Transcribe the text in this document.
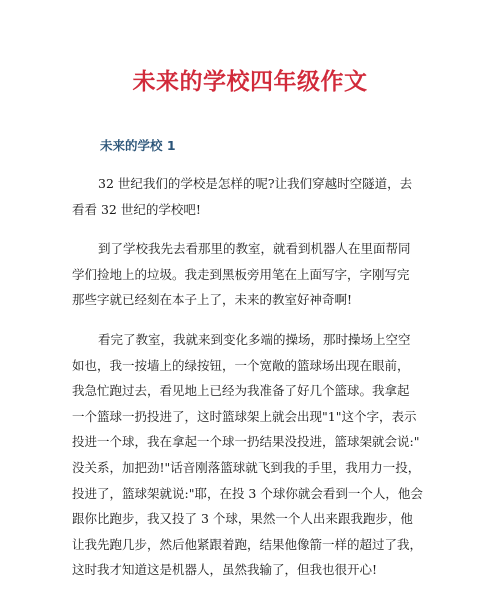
未来的学校四年级作文
未来的学校 1

32 世纪我们的学校是怎样的呢?让我们穿越时空隧道，去
看看 32 世纪的学校吧!

到了学校我先去看那里的教室，就看到机器人在里面帮同
学们捡地上的垃圾。我走到黑板旁用笔在上面写字，字刚写完
那些字就已经刻在本子上了，未来的教室好神奇啊!

看完了教室，我就来到变化多端的操场，那时操场上空空
如也，我一按墙上的绿按钮，一个宽敞的篮球场出现在眼前，
我急忙跑过去，看见地上已经为我准备了好几个篮球。我拿起
一个篮球一扔投进了，这时篮球架上就会出现"1"这个字，表示
投进一个球，我在拿起一个球一扔结果没投进，篮球架就会说:"
没关系，加把劲!"话音刚落篮球就飞到我的手里，我用力一投，
投进了，篮球架就说:"耶，在投 3 个球你就会看到一个人，他会
跟你比跑步，我又投了 3 个球，果然一个人出来跟我跑步，他
让我先跑几步，然后他紧跟着跑，结果他像箭一样的超过了我，
这时我才知道这是机器人，虽然我输了，但我也很开心!
